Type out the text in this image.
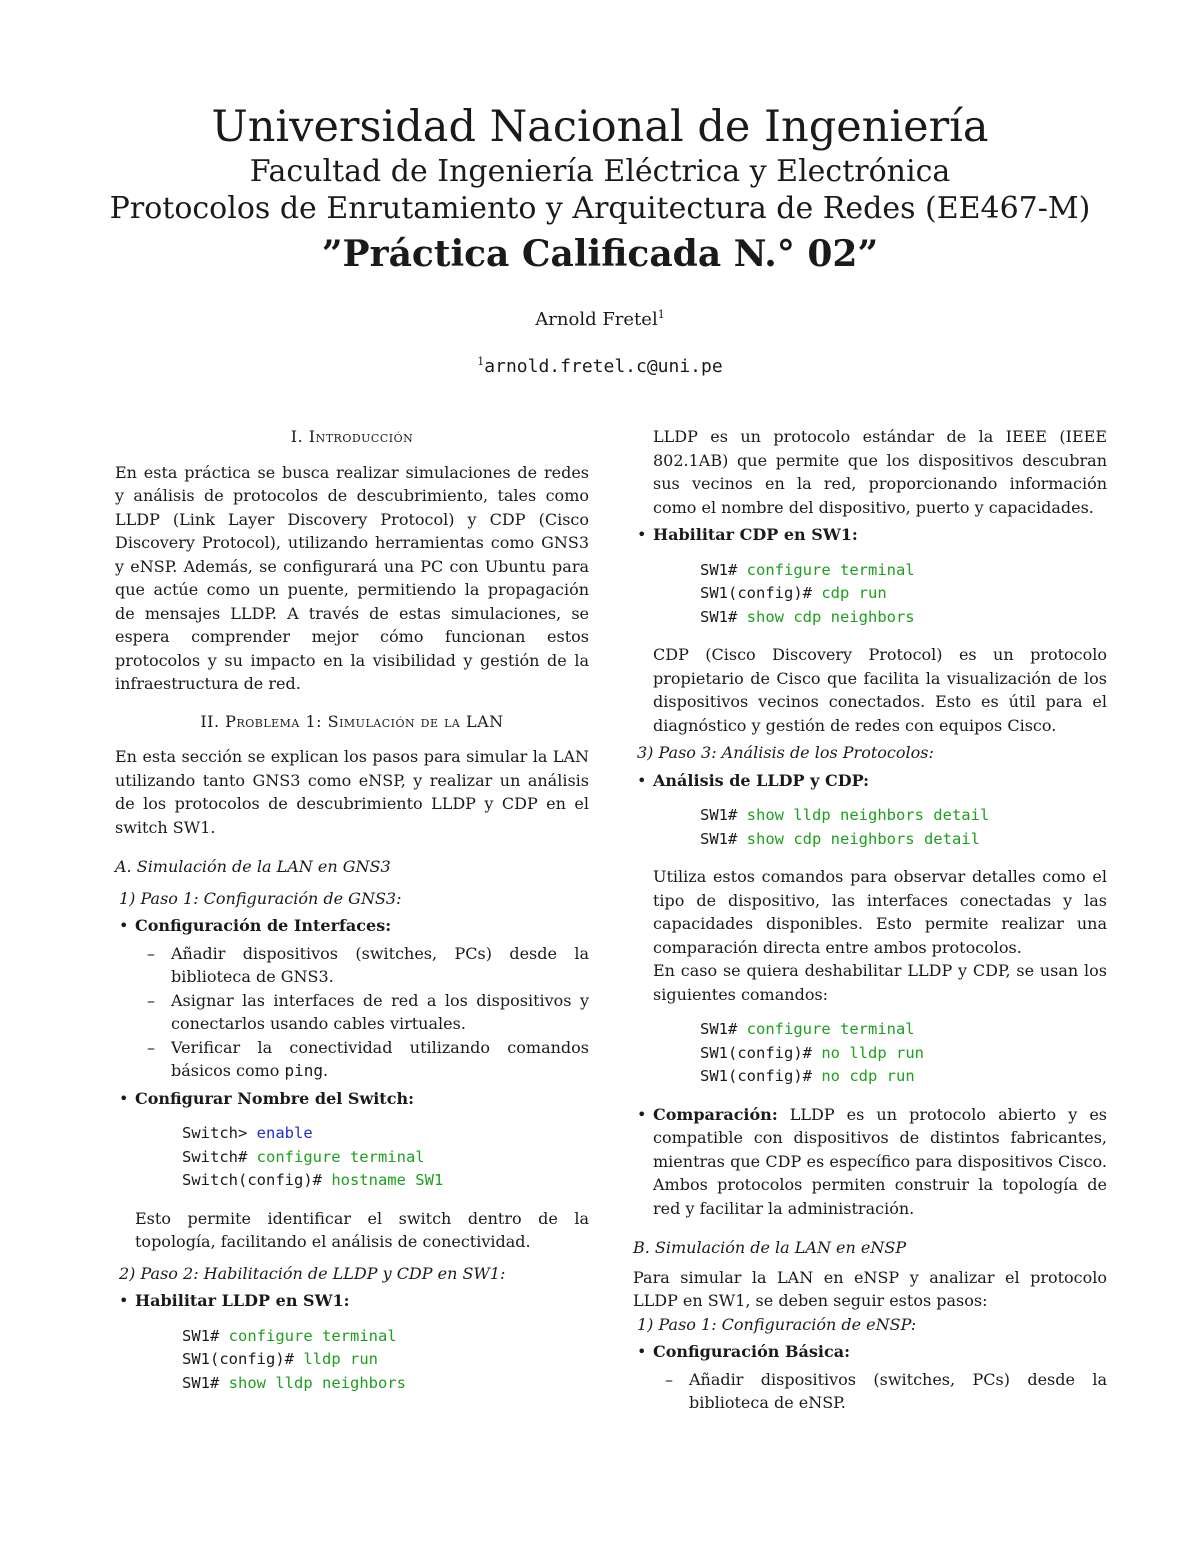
Universidad Nacional de Ingeniería
Facultad de Ingeniería Eléctrica y Electrónica
Protocolos de Enrutamiento y Arquitectura de Redes (EE467-M)
”Práctica Calificada N.° 02”
Arnold Fretel$^1$
$^1$arnold.fretel.c@uni.pe
I. Introducción

En esta práctica se busca realizar simulaciones de redes y análisis de protocolos de descubrimiento, tales como LLDP (Link Layer Discovery Protocol) y CDP (Cisco Discovery Protocol), utilizando herramientas como GNS3 y eNSP. Además, se configurará una PC con Ubuntu para que actúe como un puente, permitiendo la propagación de mensajes LLDP. A través de estas simulaciones, se espera comprender mejor cómo funcionan estos protocolos y su impacto en la visibilidad y gestión de la infraestructura de red.

II. Problema 1: Simulación de la LAN

En esta sección se explican los pasos para simular la LAN utilizando tanto GNS3 como eNSP, y realizar un análisis de los protocolos de descubrimiento LLDP y CDP en el switch SW1.

A. Simulación de la LAN en GNS3

1) Paso 1: Configuración de GNS3:

• Configuración de Interfaces:
– Añadir dispositivos (switches, PCs) desde la biblioteca de GNS3.
– Asignar las interfaces de red a los dispositivos y conectarlos usando cables virtuales.
– Verificar la conectividad utilizando comandos básicos como ping.
• Configurar Nombre del Switch:
Switch> enable
Switch# configure terminal
Switch(config)# hostname SW1

Esto permite identificar el switch dentro de la topología, facilitando el análisis de conectividad.

2) Paso 2: Habilitación de LLDP y CDP en SW1:

• Habilitar LLDP en SW1:
SW1# configure terminal
SW1(config)# lldp run
SW1# show lldp neighbors

LLDP es un protocolo estándar de la IEEE (IEEE 802.1AB) que permite que los dispositivos descubran sus vecinos en la red, proporcionando información como el nombre del dispositivo, puerto y capacidades.

• Habilitar CDP en SW1:
SW1# configure terminal
SW1(config)# cdp run
SW1# show cdp neighbors

CDP (Cisco Discovery Protocol) es un protocolo propietario de Cisco que facilita la visualización de los dispositivos vecinos conectados. Esto es útil para el diagnóstico y gestión de redes con equipos Cisco.

3) Paso 3: Análisis de los Protocolos:

• Análisis de LLDP y CDP:
SW1# show lldp neighbors detail
SW1# show cdp neighbors detail

Utiliza estos comandos para observar detalles como el tipo de dispositivo, las interfaces conectadas y las capacidades disponibles. Esto permite realizar una comparación directa entre ambos protocolos.

En caso se quiera deshabilitar LLDP y CDP, se usan los siguientes comandos:

SW1# configure terminal
SW1(config)# no lldp run
SW1(config)# no cdp run
• Comparación: LLDP es un protocolo abierto y es compatible con dispositivos de distintos fabricantes, mientras que CDP es específico para dispositivos Cisco. Ambos protocolos permiten construir la topología de red y facilitar la administración.

B. Simulación de la LAN en eNSP

Para simular la LAN en eNSP y analizar el protocolo LLDP en SW1, se deben seguir estos pasos:

1) Paso 1: Configuración de eNSP:

• Configuración Básica:
– Añadir dispositivos (switches, PCs) desde la biblioteca de eNSP.
